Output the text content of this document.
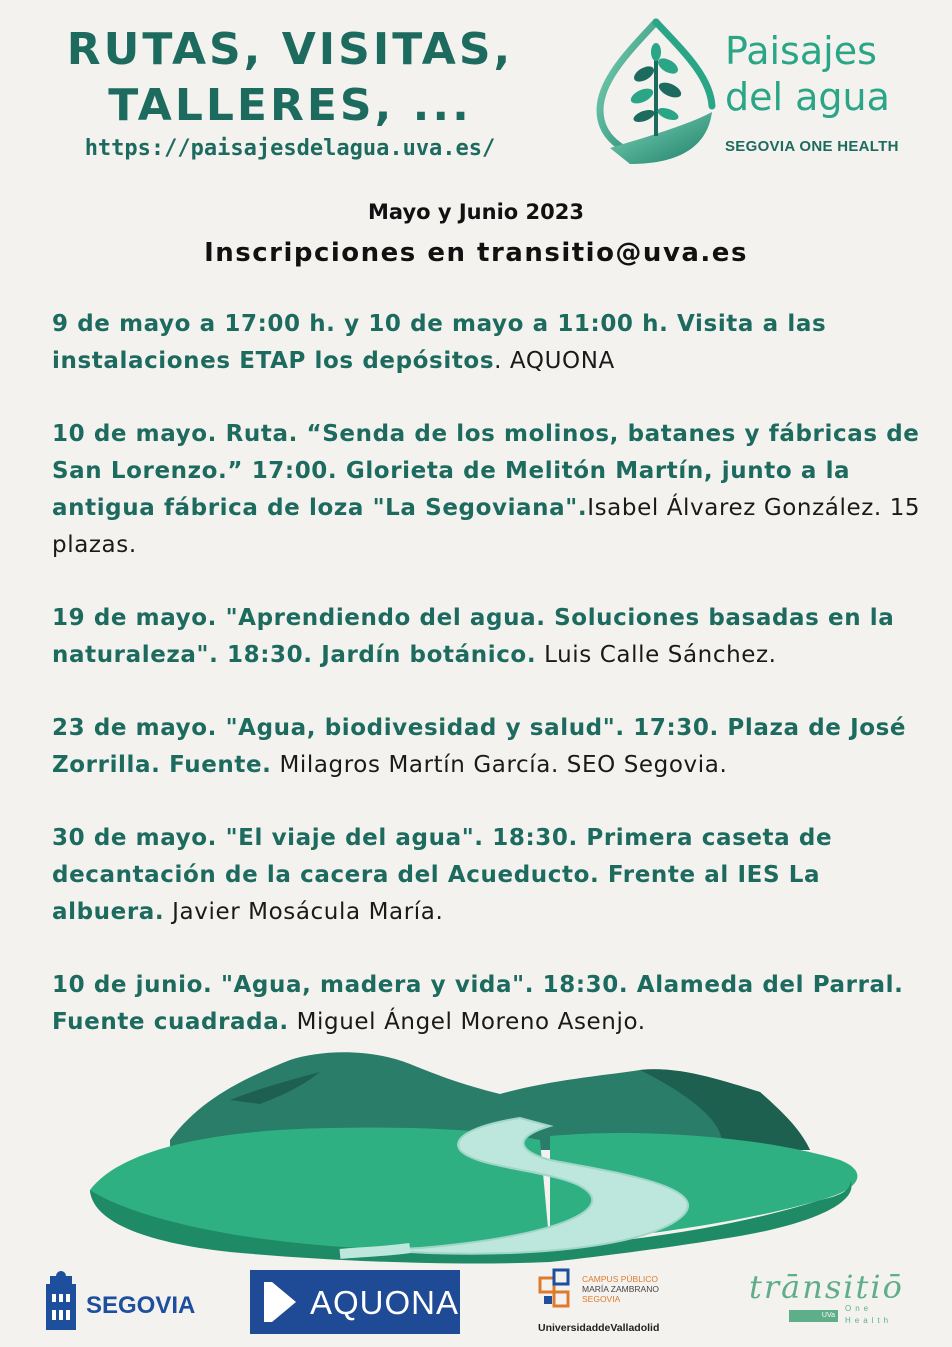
RUTAS, VISITAS,
TALLERES, ...
https://paisajesdelagua.uva.es/
Paisajes
del agua
SEGOVIA ONE HEALTH
Mayo y Junio 2023
Inscripciones en transitio@uva.es
9 de mayo a 17:00 h. y 10 de mayo a 11:00 h. Visita a las instalaciones ETAP los depósitos. AQUONA
10 de mayo. Ruta. “Senda de los molinos, batanes y fábricas de San Lorenzo.” 17:00. Glorieta de Melitón Martín, junto a la antigua fábrica de loza "La Segoviana".Isabel Álvarez González. 15 plazas.
19 de mayo. "Aprendiendo del agua. Soluciones basadas en la naturaleza". 18:30. Jardín botánico. Luis Calle Sánchez.
23 de mayo. "Agua, biodivesidad y salud". 17:30. Plaza de José Zorrilla. Fuente. Milagros Martín García. SEO Segovia.
30 de mayo. "El viaje del agua". 18:30. Primera caseta de decantación de la cacera del Acueducto. Frente al IES La albuera. Javier Mosácula María.
10 de junio. "Agua, madera y vida". 18:30. Alameda del Parral. Fuente cuadrada. Miguel Ángel Moreno Asenjo.
SEGOVIA	AQUONA
CAMPUS PÚBLICO
MARÍA ZAMBRANO
SEGOVIA
UniversidaddeValladolid
trānsitiō
UVa
One
Health
